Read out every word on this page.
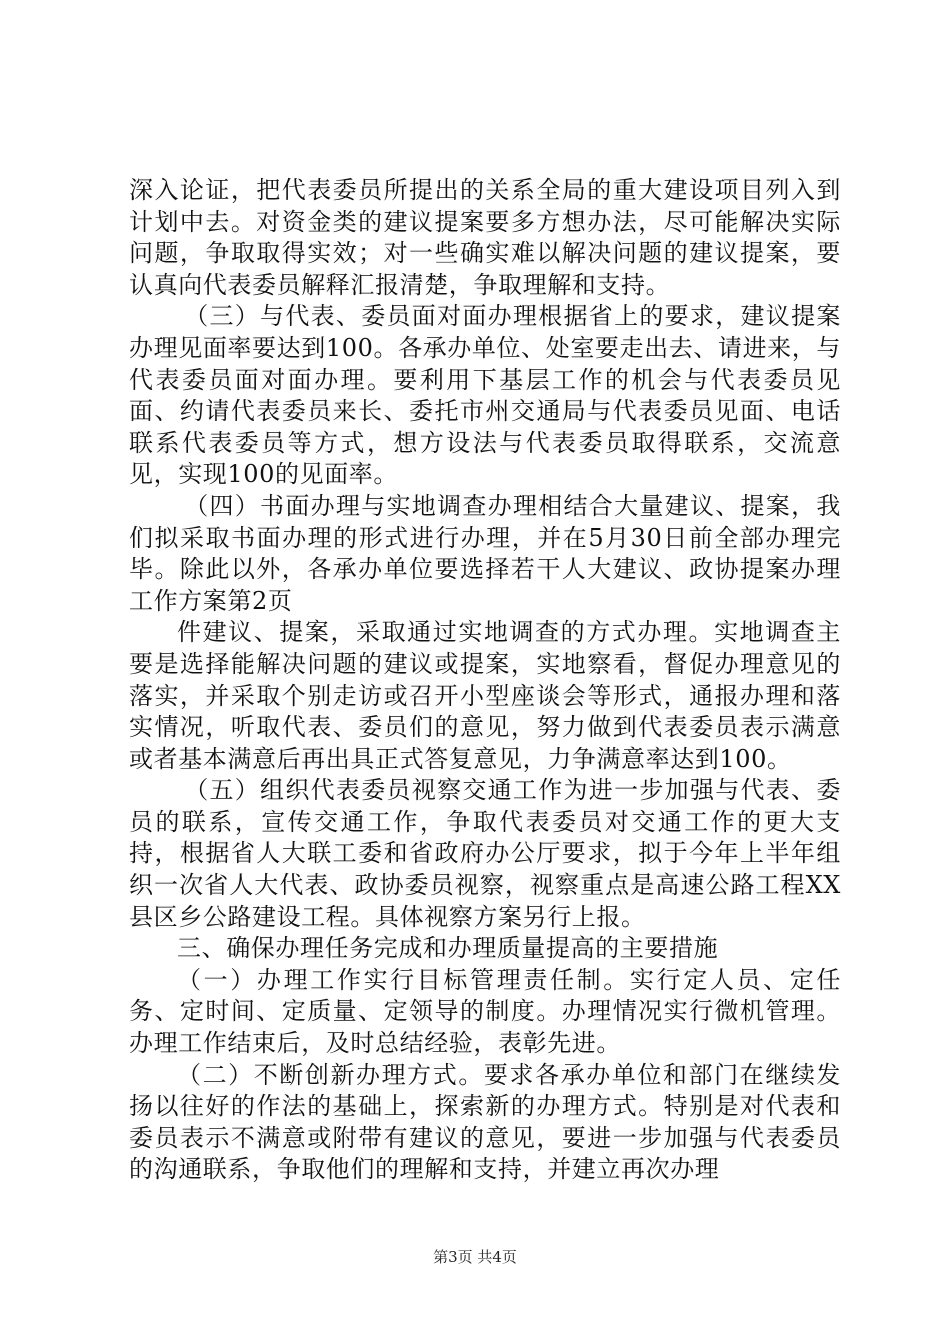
深入论证，把代表委员所提出的关系全局的重大建设项目列入到计划中去。对资金类的建议提案要多方想办法，尽可能解决实际问题，争取取得实效；对一些确实难以解决问题的建议提案，要认真向代表委员解释汇报清楚，争取理解和支持。

（三）与代表、委员面对面办理根据省上的要求，建议提案办理见面率要达到100。各承办单位、处室要走出去、请进来，与代表委员面对面办理。要利用下基层工作的机会与代表委员见面、约请代表委员来长、委托市州交通局与代表委员见面、电话联系代表委员等方式，想方设法与代表委员取得联系，交流意见，实现100的见面率。

（四）书面办理与实地调查办理相结合大量建议、提案，我们拟采取书面办理的形式进行办理，并在5月30日前全部办理完毕。除此以外，各承办单位要选择若干人大建议、政协提案办理工作方案第2页

件建议、提案，采取通过实地调查的方式办理。实地调查主要是选择能解决问题的建议或提案，实地察看，督促办理意见的落实，并采取个别走访或召开小型座谈会等形式，通报办理和落实情况，听取代表、委员们的意见，努力做到代表委员表示满意或者基本满意后再出具正式答复意见，力争满意率达到100。

（五）组织代表委员视察交通工作为进一步加强与代表、委员的联系，宣传交通工作，争取代表委员对交通工作的更大支持，根据省人大联工委和省政府办公厅要求，拟于今年上半年组织一次省人大代表、政协委员视察，视察重点是高速公路工程XX县区乡公路建设工程。具体视察方案另行上报。

三、确保办理任务完成和办理质量提高的主要措施

（一）办理工作实行目标管理责任制。实行定人员、定任务、定时间、定质量、定领导的制度。办理情况实行微机管理。办理工作结束后，及时总结经验，表彰先进。

（二）不断创新办理方式。要求各承办单位和部门在继续发扬以往好的作法的基础上，探索新的办理方式。特别是对代表和委员表示不满意或附带有建议的意见，要进一步加强与代表委员的沟通联系，争取他们的理解和支持，并建立再次办理

第3页 共4页
